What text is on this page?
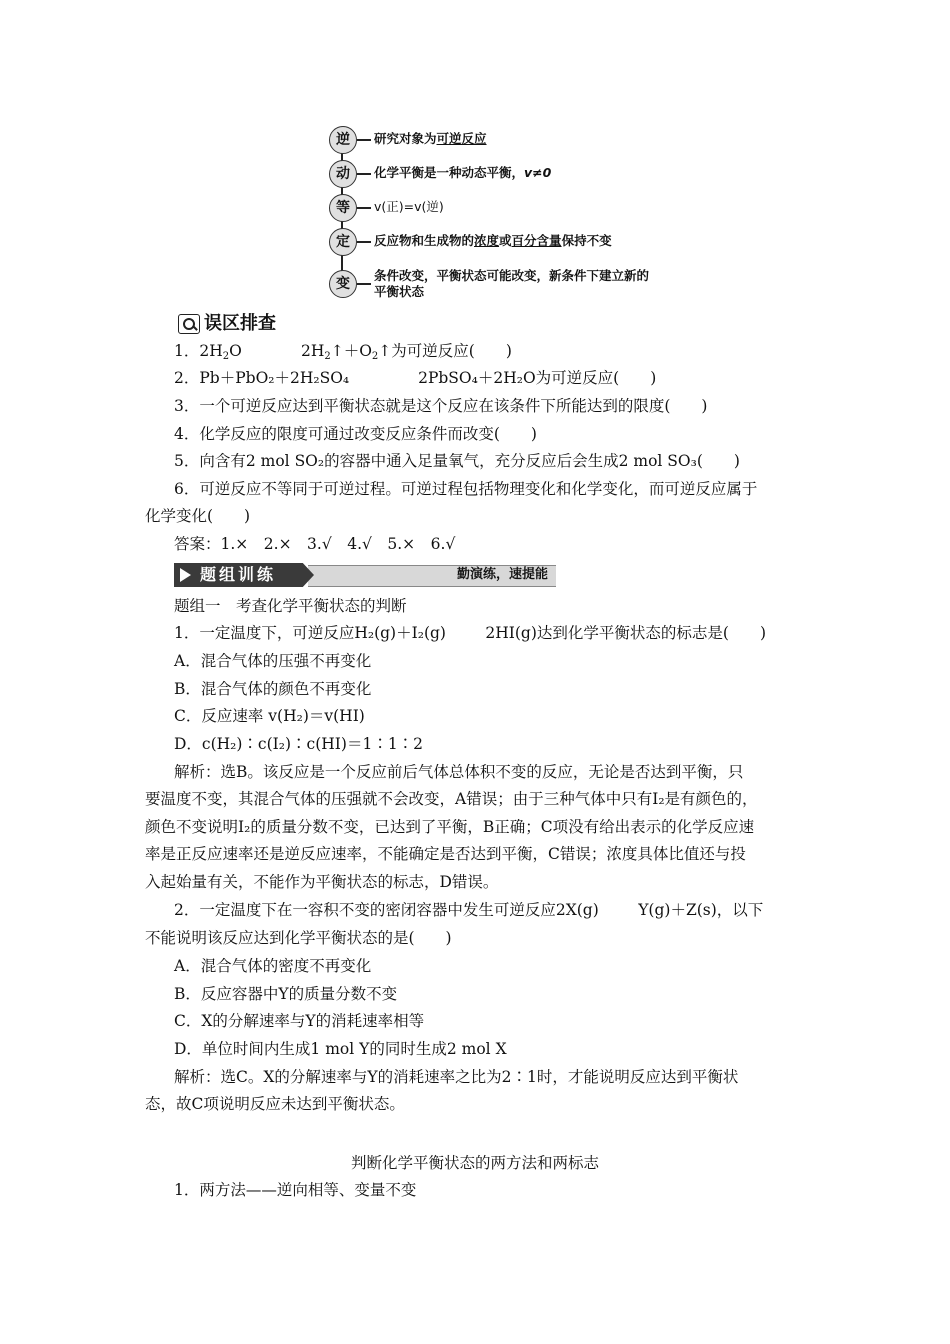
逆	研究对象为可逆反应
动	化学平衡是一种动态平衡，v≠0
等	v(正)=v(逆)
定	反应物和生成物的浓度或百分含量保持不变
变
条件改变，平衡状态可能改变，新条件下建立新的
平衡状态
误区排查
1．$2H_2O$            $2H_2↑+O_2↑$为可逆反应(　　)
2．Pb＋PbO₂＋2H₂SO₄              2PbSO₄＋2H₂O为可逆反应(　　)
3．一个可逆反应达到平衡状态就是这个反应在该条件下所能达到的限度(　　)
4．化学反应的限度可通过改变反应条件而改变(　　)
5．向含有2 mol SO₂的容器中通入足量氧气，充分反应后会生成2 mol SO₃(　　)
6．可逆反应不等同于可逆过程。可逆过程包括物理变化和化学变化，而可逆反应属于
化学变化(　　)
答案：1.×　2.×　3.√　4.√　5.×　6.√
题组训练	勤演练，速提能
题组一　考查化学平衡状态的判断
1．一定温度下，可逆反应H₂(g)＋I₂(g)        2HI(g)达到化学平衡状态的标志是(　　)
A．混合气体的压强不再变化
B．混合气体的颜色不再变化
C．反应速率 v(H₂)＝v(HI)
D．c(H₂)∶c(I₂)∶c(HI)＝1∶1∶2
解析：选B。该反应是一个反应前后气体总体积不变的反应，无论是否达到平衡，只
要温度不变，其混合气体的压强就不会改变，A错误；由于三种气体中只有I₂是有颜色的，
颜色不变说明I₂的质量分数不变，已达到了平衡，B正确；C项没有给出表示的化学反应速
率是正反应速率还是逆反应速率，不能确定是否达到平衡，C错误；浓度具体比值还与投
入起始量有关，不能作为平衡状态的标志，D错误。
2．一定温度下在一容积不变的密闭容器中发生可逆反应2X(g)        Y(g)＋Z(s)，以下
不能说明该反应达到化学平衡状态的是(　　)
A．混合气体的密度不再变化
B．反应容器中Y的质量分数不变
C．X的分解速率与Y的消耗速率相等
D．单位时间内生成1 mol Y的同时生成2 mol X
解析：选C。X的分解速率与Y的消耗速率之比为2∶1时，才能说明反应达到平衡状
态，故C项说明反应未达到平衡状态。
判断化学平衡状态的两方法和两标志
1．两方法——逆向相等、变量不变
